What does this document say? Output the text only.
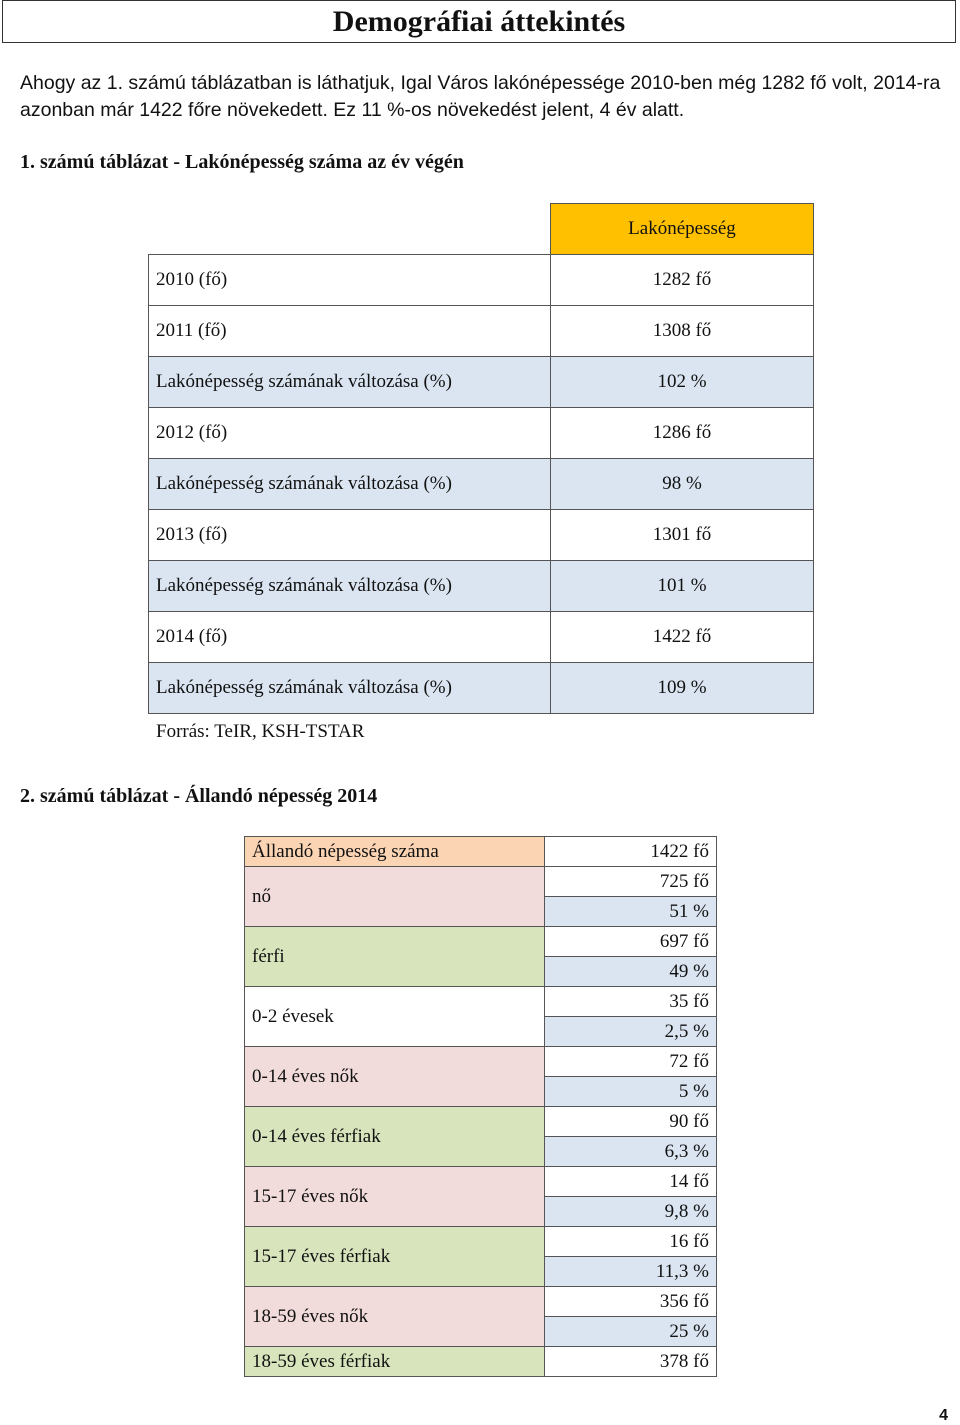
Demográfiai áttekintés

Ahogy az 1. számú táblázatban is láthatjuk, Igal Város lakónépessége 2010-ben még 1282 fő volt, 2014-ra azonban már 1422 főre növekedett. Ez 11 %-os növekedést jelent, 4 év alatt.

1. számú táblázat - Lakónépesség száma az év végén

	Lakónépesség
2010 (fő)	1282 fő
2011 (fő)	1308 fő
Lakónépesség számának változása (%)	102 %
2012 (fő)	1286 fő
Lakónépesség számának változása (%)	98 %
2013 (fő)	1301 fő
Lakónépesség számának változása (%)	101 %
2014 (fő)	1422 fő
Lakónépesség számának változása (%)	109 %
Forrás: TeIR, KSH-TSTAR

2. számú táblázat - Állandó népesség 2014

Állandó népesség száma	1422 fő
nő	725 fő
	51 %
férfi	697 fő
	49 %
0-2 évesek	35 fő
	2,5 %
0-14 éves nők	72 fő
	5 %
0-14 éves férfiak	90 fő
	6,3 %
15-17 éves nők	14 fő
	9,8 %
15-17 éves férfiak	16 fő
	11,3 %
18-59 éves nők	356 fő
	25 %
18-59 éves férfiak	378 fő
4
